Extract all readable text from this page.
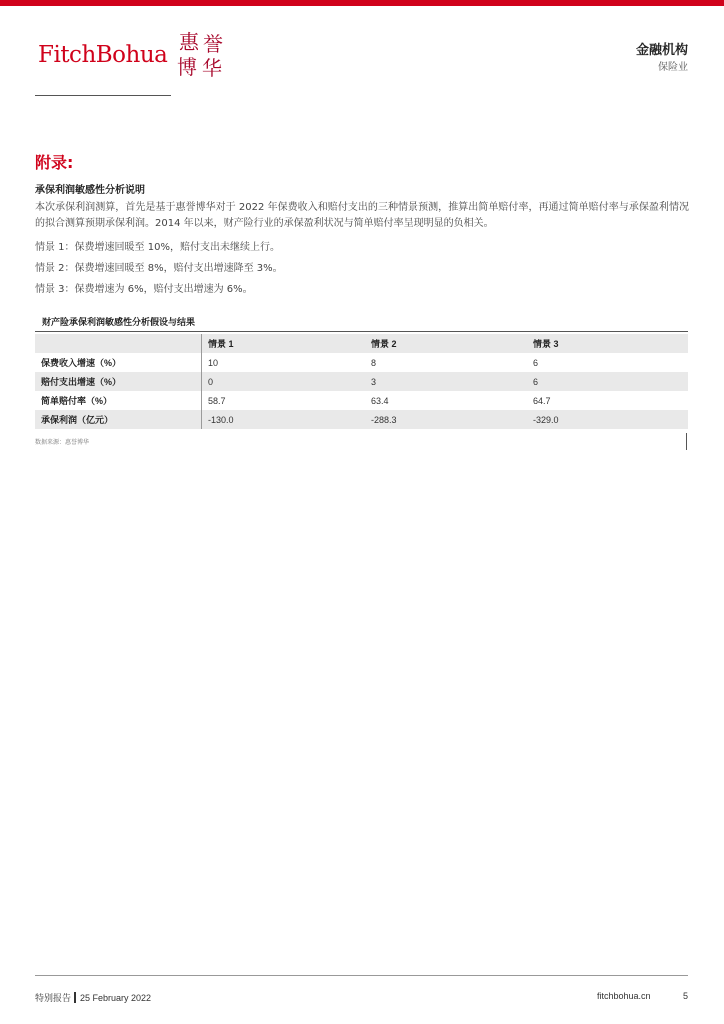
FitchBohua 惠 誉
博 华
金融机构
保险业
附录:
承保利润敏感性分析说明
本次承保利润测算，首先是基于惠誉博华对于 2022 年保费收入和赔付支出的三种情景预测，推算出简单赔付率，再通过简单赔付率与承保盈利情况的拟合测算预期承保利润。2014 年以来，财产险行业的承保盈利状况与简单赔付率呈现明显的负相关。
情景 1：保费增速回暖至 10%，赔付支出未继续上行。
情景 2：保费增速回暖至 8%，赔付支出增速降至 3%。
情景 3：保费增速为 6%，赔付支出增速为 6%。
财产险承保利润敏感性分析假设与结果
	情景 1	情景 2	情景 3
保费收入增速（%）	10	8	6
赔付支出增速（%）	0	3	6
简单赔付率（%）	58.7	63.4	64.7
承保利润（亿元）	-130.0	-288.3	-329.0
数据来源：惠誉博华
特别报告 25 February 2022	fitchbohua.cn	5
